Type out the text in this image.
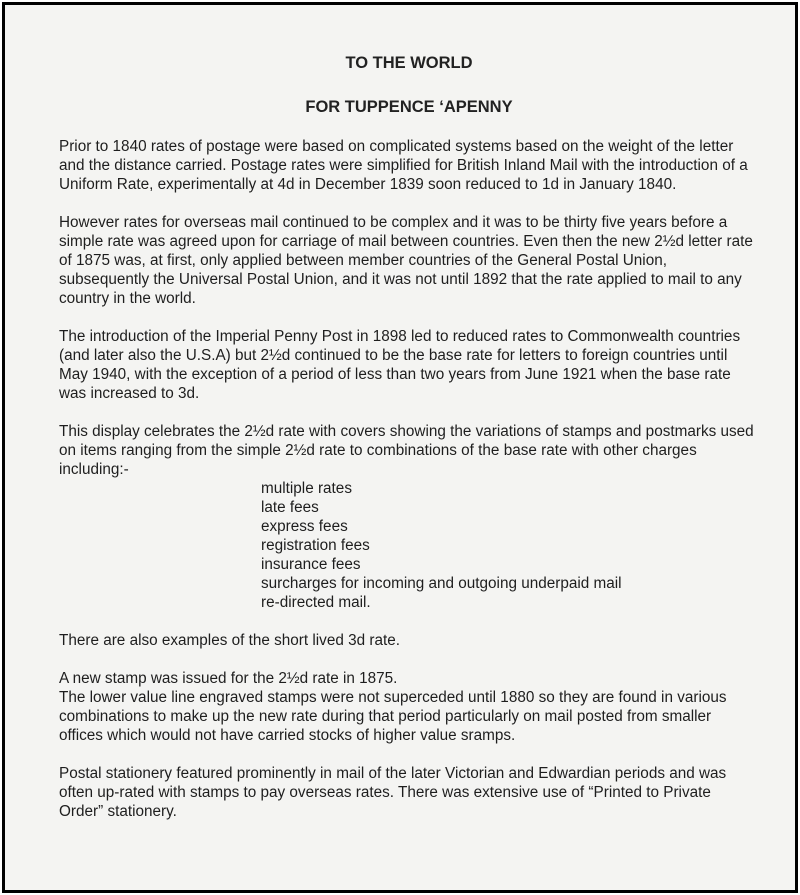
TO THE WORLD
FOR TUPPENCE ‘APENNY

Prior to 1840 rates of postage were based on complicated systems based on the weight of the letter and the distance carried. Postage rates were simplified for British Inland Mail with the introduction of a Uniform Rate, experimentally at 4d in December 1839 soon reduced to 1d in January 1840.

However rates for overseas mail continued to be complex and it was to be thirty five years before a simple rate was agreed upon for carriage of mail between countries. Even then the new 2½d letter rate of 1875 was, at first, only applied between member countries of the General Postal Union, subsequently the Universal Postal Union, and it was not until 1892 that the rate applied to mail to any country in the world.

The introduction of the Imperial Penny Post in 1898 led to reduced rates to Commonwealth countries (and later also the U.S.A) but 2½d continued to be the base rate for letters to foreign countries until May 1940, with the exception of a period of less than two years from June 1921 when the base rate was increased to 3d.

This display celebrates the 2½d rate with covers showing the variations of stamps and postmarks used on items ranging from the simple 2½d rate to combinations of the base rate with other charges including:-

multiple rates
late fees
express fees
registration fees
insurance fees
surcharges for incoming and outgoing underpaid mail
re-directed mail.

There are also examples of the short lived 3d rate.

A new stamp was issued for the 2½d rate in 1875.

The lower value line engraved stamps were not superceded until 1880 so they are found in various combinations to make up the new rate during that period particularly on mail posted from smaller offices which would not have carried stocks of higher value sramps.

Postal stationery featured prominently in mail of the later Victorian and Edwardian periods and was often up-rated with stamps to pay overseas rates. There was extensive use of “Printed to Private Order” stationery.
